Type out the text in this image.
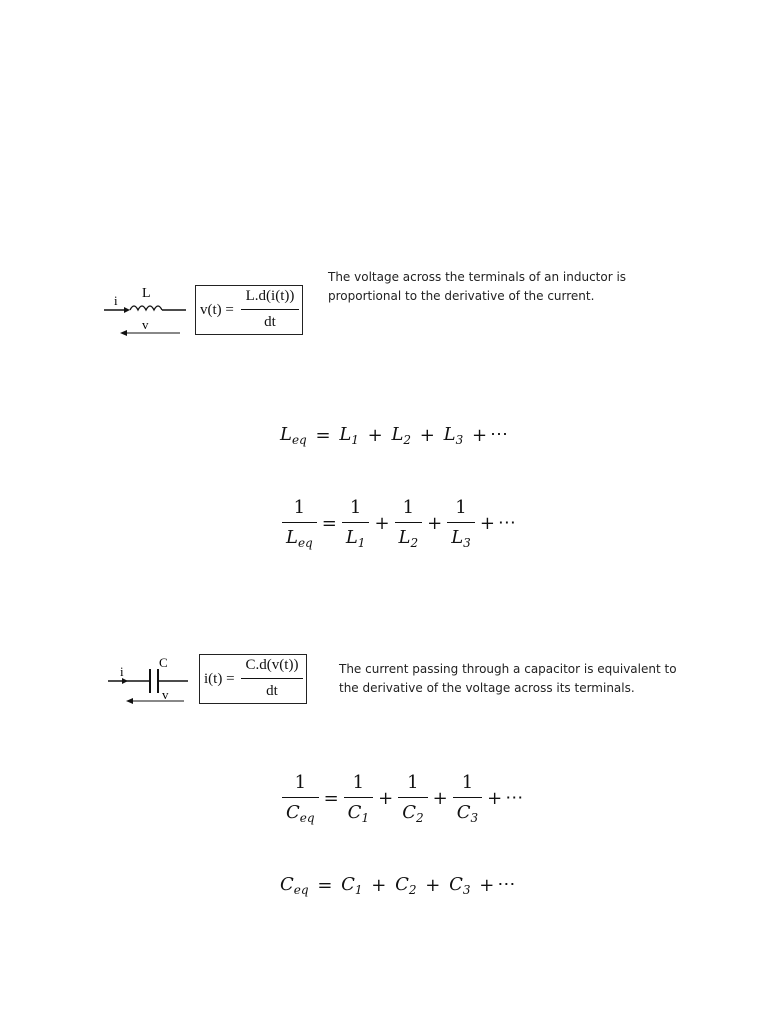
L
i
v
v(t) =
L.d(i(t))
dt
The voltage across the terminals of an inductor is proportional to the derivative of the current.
$L_{eq} = L_1 + L_2 + L_3$ + ⋯
$\frac{1}{L_{eq}} = \frac{1}{L_1} + \frac{1}{L_2} + \frac{1}{L_3}$ + ⋯
C
i
v
i(t) =
C.d(v(t))
dt
The current passing through a capacitor is equivalent to the derivative of the voltage across its terminals.
$\frac{1}{C_{eq}} = \frac{1}{C_1} + \frac{1}{C_2} + \frac{1}{C_3}$ + ⋯
$C_{eq} = C_1 + C_2 + C_3$ + ⋯
